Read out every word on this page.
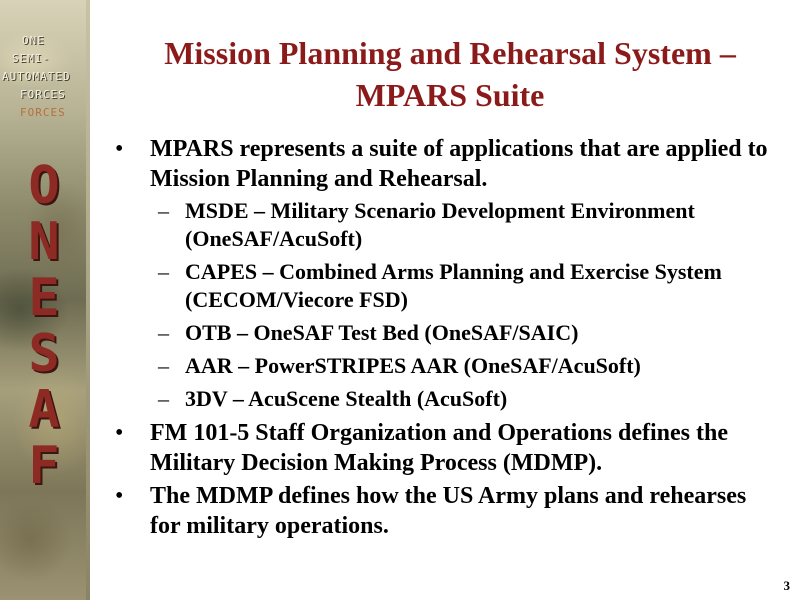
ONE
SEMI-
AUTOMATED
FORCES
FORCES
O
N
E
S
A
F
Mission Planning and Rehearsal System –
MPARS Suite
• MPARS represents a suite of applications that are applied to Mission Planning and Rehearsal.
– MSDE – Military Scenario Development Environment (OneSAF/AcuSoft)
– CAPES – Combined Arms Planning and Exercise System (CECOM/Viecore FSD)
– OTB – OneSAF Test Bed (OneSAF/SAIC)
– AAR – PowerSTRIPES AAR (OneSAF/AcuSoft)
– 3DV – AcuScene Stealth (AcuSoft)
• FM 101-5 Staff Organization and Operations defines the Military Decision Making Process (MDMP).
• The MDMP defines how the US Army plans and rehearses for military operations.
3
